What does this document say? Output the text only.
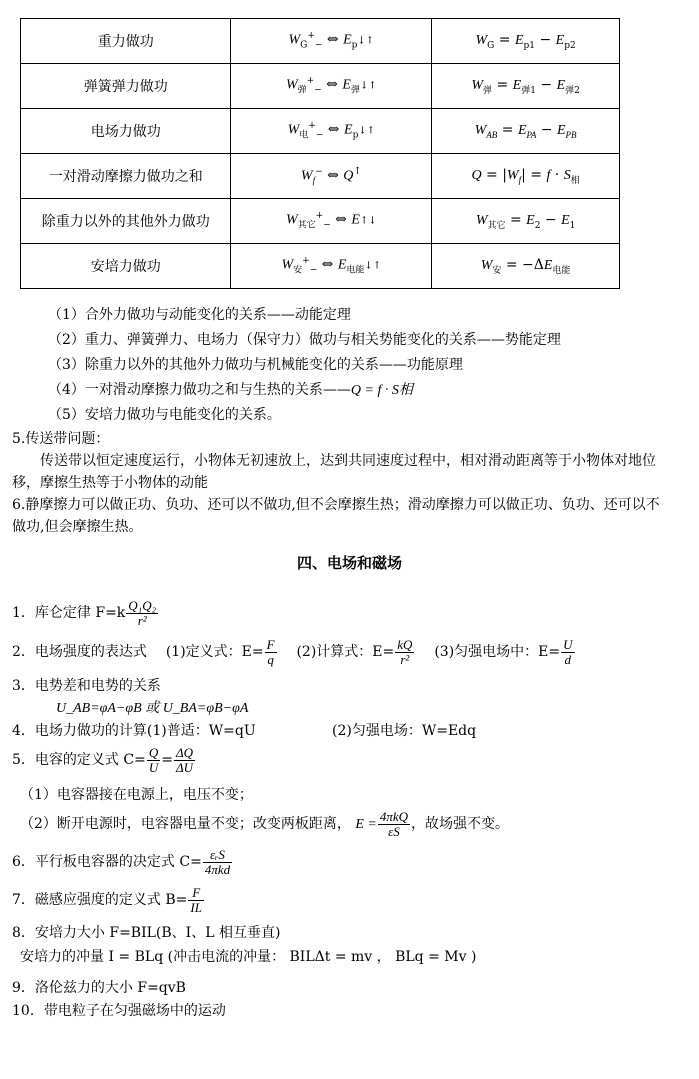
重力做功	$W_G^+_-$ ⇔ $E_p↓↑$	$W_G = E_{p1} - E_{p2}$
弹簧弹力做功	$W_弹^+_-$ ⇔ $E_弹↓↑$	$W_弹 = E_{弹1} - E_{弹2}$
电场力做功	$W_电^+_-$ ⇔ $E_p↓↑$	$W_{AB} = E_{PA} - E_{PB}$
一对滑动摩擦力做功之和	$W_f^-$ ⇔ Q↑	$Q = |W_f| = f \cdot S_相$
除重力以外的其他外力做功	$W_{其它}^+_-$ ⇔ E↑↓	$W_{其它} = E_2 - E_1$
安培力做功	$W_安^+_-$ ⇔ $E_{电能}↓↑$	$W_安 = -\Delta E_{电能}$
（1）合外力做功与动能变化的关系——动能定理
（2）重力、弹簧弹力、电场力（保守力）做功与相关势能变化的关系——势能定理
（3）除重力以外的其他外力做功与机械能变化的关系——功能原理
（4）一对滑动摩擦力做功之和与生热的关系——Q = f · S相
（5）安培力做功与电能变化的关系。
5.传送带问题：
传送带以恒定速度运行，小物体无初速放上，达到共同速度过程中，相对滑动距离等于小物体对地位
移，摩擦生热等于小物体的动能
6.静摩擦力可以做正功、负功、还可以不做功,但不会摩擦生热；滑动摩擦力可以做正功、负功、还可以不
做功,但会摩擦生热。
四、电场和磁场
1．库仑定律 $F=k \frac{\text{Q₁Q₂}}{\text{r²}}$
2．电场强度的表达式 (1)定义式：$E= \frac{F}{q} (2)$计算式：$E= \frac{kQ}{\text{r²}} (3)$匀强电场中：$E= \frac{U}{d}$
3．电势差和电势的关系
U_AB=φA−φB 或 U_BA=φB−φA
4．电场力做功的计算(1)普适：W=qU	(2)匀强电场：W=Edq
5．电容的定义式 $C= \frac{Q}{U} = \frac{\Delta Q}{\Delta U}$
（1）电容器接在电源上，电压不变；
（2）断开电源时，电容器电量不变；改变两板距离， $E = \frac{\text{4πkQ}}{\varepsilon S}$ ，故场强不变。
6．平行板电容器的决定式 $C= \frac{\text{εᵣS}}{\text{4πkd}}$
7．磁感应强度的定义式 $B= \frac{F}{IL}$
8．安培力大小 F=BIL(B、I、L 相互垂直)
安培力的冲量 I = BLq (冲击电流的冲量： BILΔt = mv ， BLq = Mv )
9．洛伦兹力的大小 F=qvB
10．带电粒子在匀强磁场中的运动
